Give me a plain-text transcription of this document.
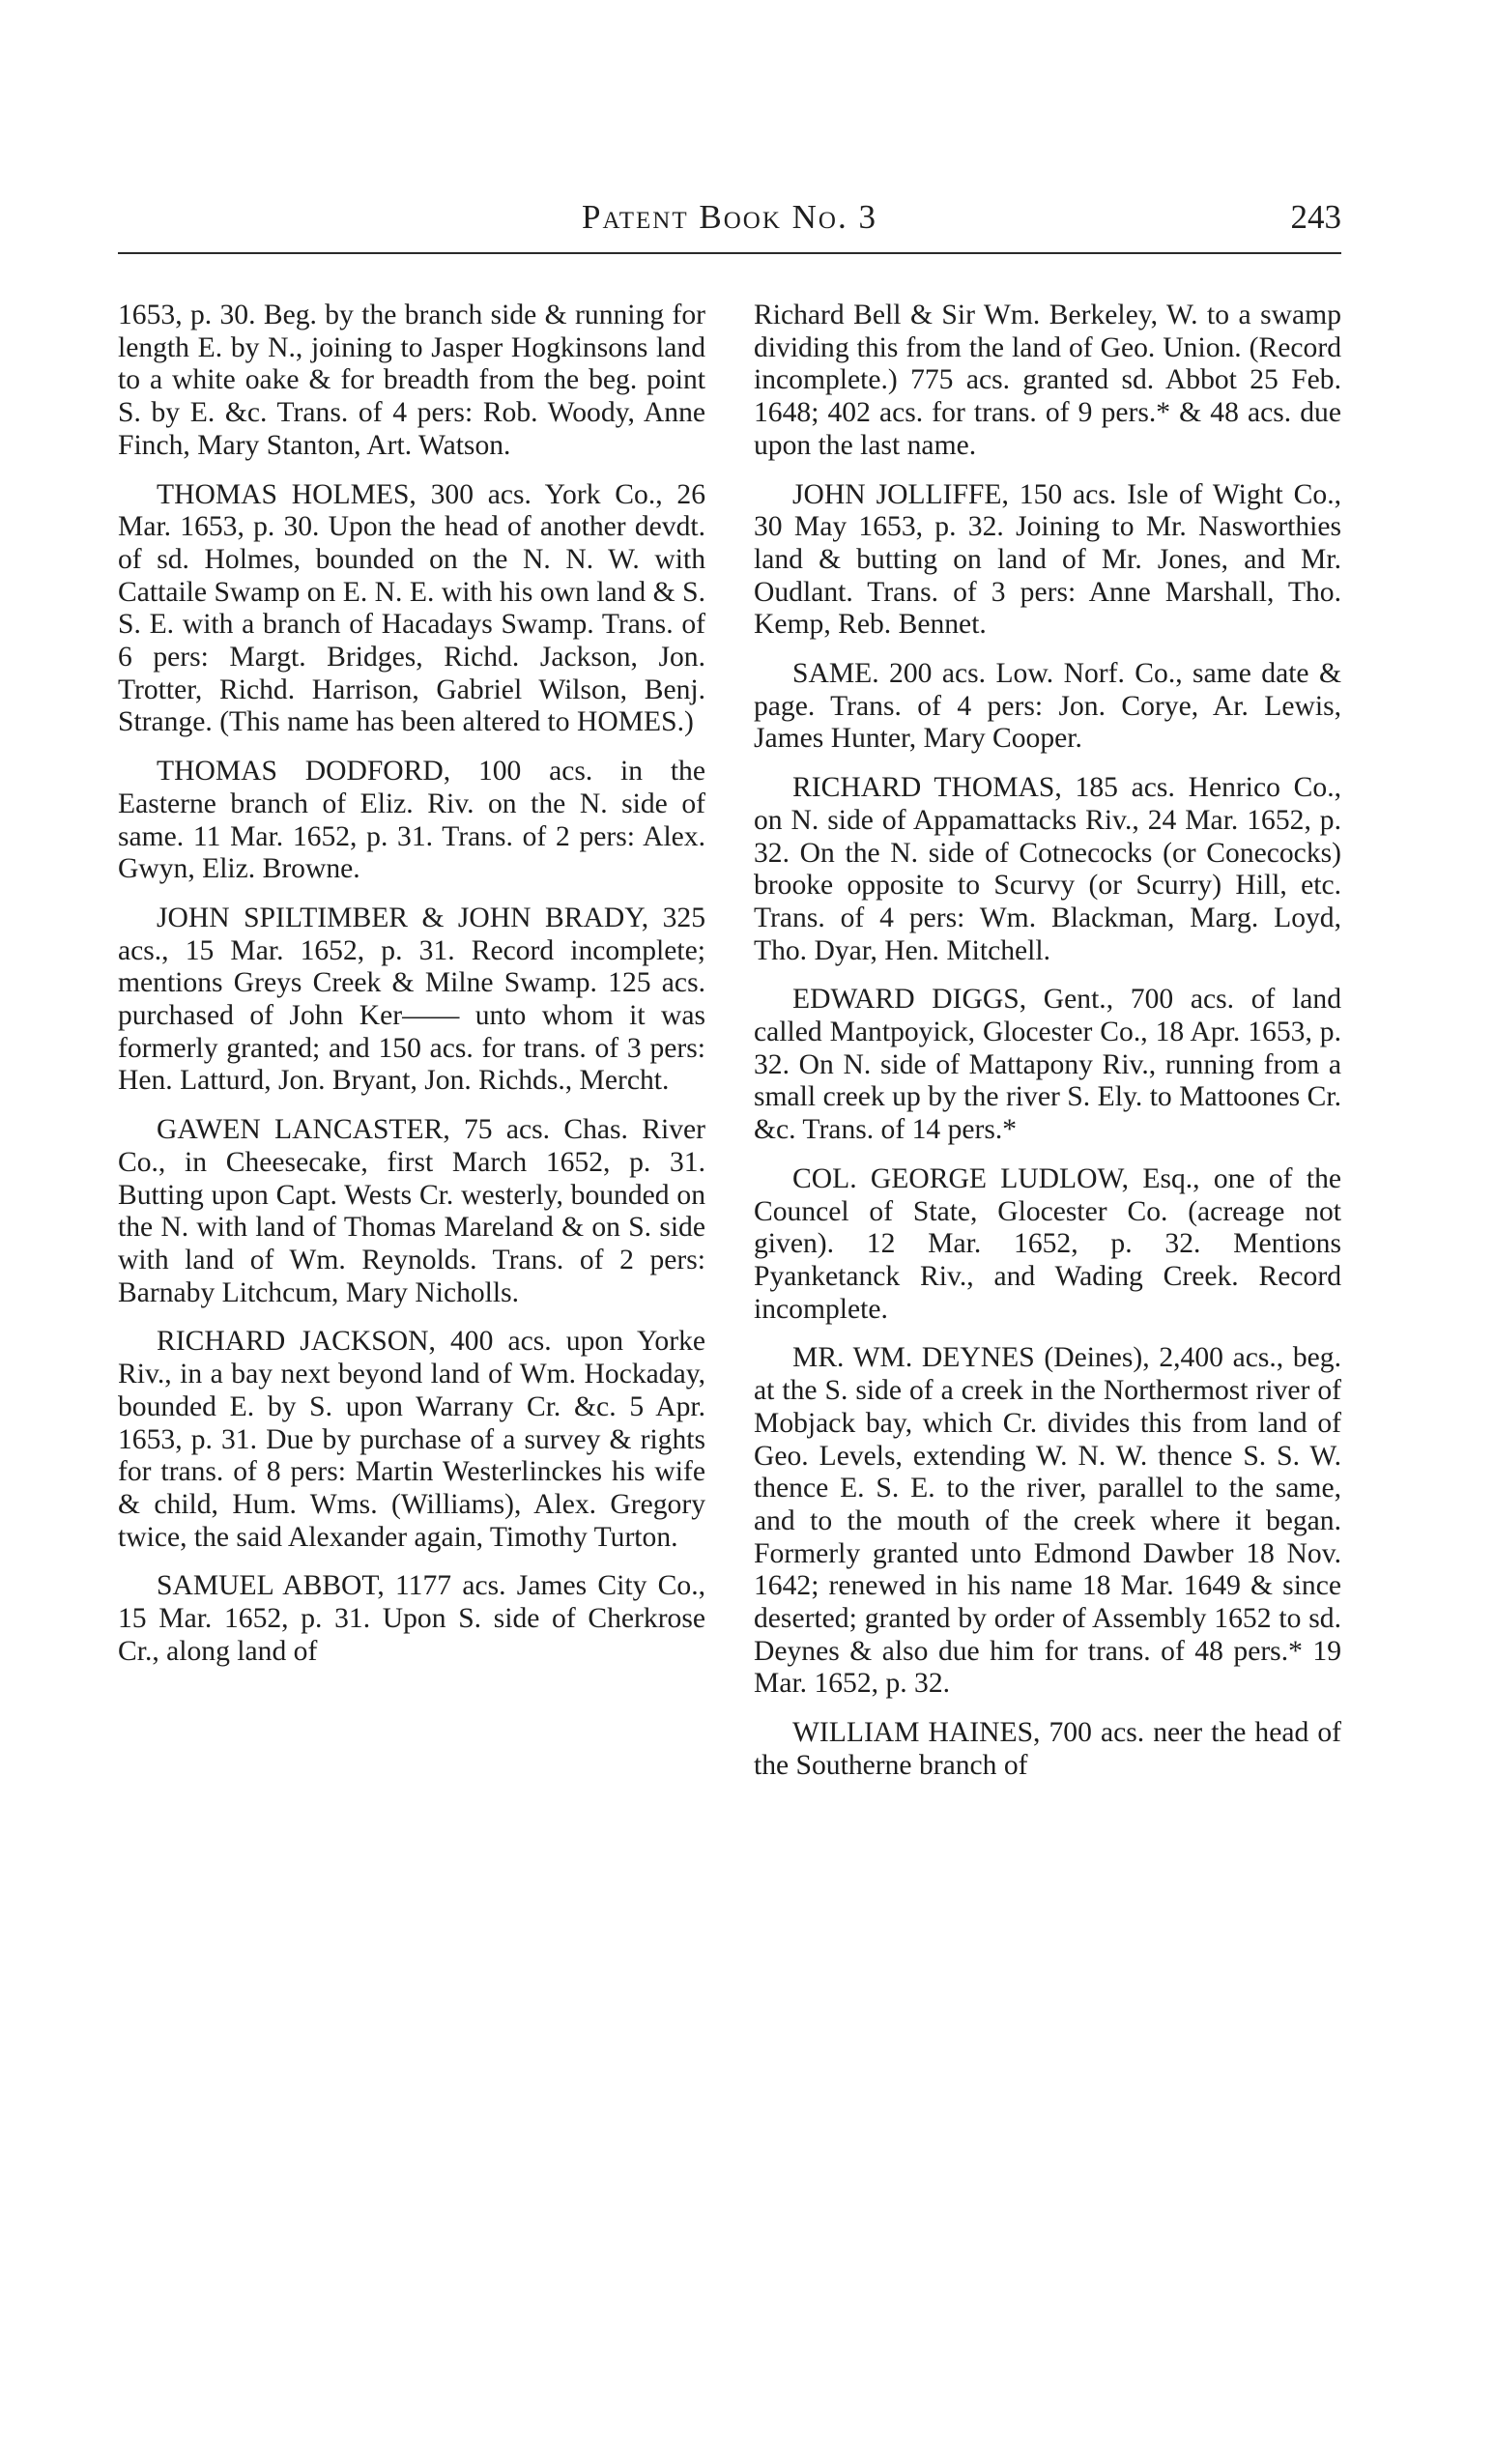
Patent Book No. 3	243

1653, p. 30. Beg. by the branch side & running for length E. by N., joining to Jasper Hogkinsons land to a white oake & for breadth from the beg. point S. by E. &c. Trans. of 4 pers: Rob. Woody, Anne Finch, Mary Stanton, Art. Watson.

THOMAS HOLMES, 300 acs. York Co., 26 Mar. 1653, p. 30. Upon the head of another devdt. of sd. Holmes, bounded on the N. N. W. with Cattaile Swamp on E. N. E. with his own land & S. S. E. with a branch of Hacadays Swamp. Trans. of 6 pers: Margt. Bridges, Richd. Jackson, Jon. Trotter, Richd. Harrison, Gabriel Wilson, Benj. Strange. (This name has been altered to HOMES.)

THOMAS DODFORD, 100 acs. in the Easterne branch of Eliz. Riv. on the N. side of same. 11 Mar. 1652, p. 31. Trans. of 2 pers: Alex. Gwyn, Eliz. Browne.

JOHN SPILTIMBER & JOHN BRADY, 325 acs., 15 Mar. 1652, p. 31. Record incomplete; mentions Greys Creek & Milne Swamp. 125 acs. purchased of John Ker—— unto whom it was formerly granted; and 150 acs. for trans. of 3 pers: Hen. Latturd, Jon. Bryant, Jon. Richds., Mercht.

GAWEN LANCASTER, 75 acs. Chas. River Co., in Cheesecake, first March 1652, p. 31. Butting upon Capt. Wests Cr. westerly, bounded on the N. with land of Thomas Mareland & on S. side with land of Wm. Reynolds. Trans. of 2 pers: Barnaby Litchcum, Mary Nicholls.

RICHARD JACKSON, 400 acs. upon Yorke Riv., in a bay next beyond land of Wm. Hockaday, bounded E. by S. upon Warrany Cr. &c. 5 Apr. 1653, p. 31. Due by purchase of a survey & rights for trans. of 8 pers: Martin Westerlinckes his wife & child, Hum. Wms. (Williams), Alex. Gregory twice, the said Alexander again, Timothy Turton.

SAMUEL ABBOT, 1177 acs. James City Co., 15 Mar. 1652, p. 31. Upon S. side of Cherkrose Cr., along land of

Richard Bell & Sir Wm. Berkeley, W. to a swamp dividing this from the land of Geo. Union. (Record incomplete.) 775 acs. granted sd. Abbot 25 Feb. 1648; 402 acs. for trans. of 9 pers.* & 48 acs. due upon the last name.

JOHN JOLLIFFE, 150 acs. Isle of Wight Co., 30 May 1653, p. 32. Joining to Mr. Nasworthies land & butting on land of Mr. Jones, and Mr. Oudlant. Trans. of 3 pers: Anne Marshall, Tho. Kemp, Reb. Bennet.

SAME. 200 acs. Low. Norf. Co., same date & page. Trans. of 4 pers: Jon. Corye, Ar. Lewis, James Hunter, Mary Cooper.

RICHARD THOMAS, 185 acs. Henrico Co., on N. side of Appamattacks Riv., 24 Mar. 1652, p. 32. On the N. side of Cotnecocks (or Conecocks) brooke opposite to Scurvy (or Scurry) Hill, etc. Trans. of 4 pers: Wm. Blackman, Marg. Loyd, Tho. Dyar, Hen. Mitchell.

EDWARD DIGGS, Gent., 700 acs. of land called Mantpoyick, Glocester Co., 18 Apr. 1653, p. 32. On N. side of Mattapony Riv., running from a small creek up by the river S. Ely. to Mattoones Cr. &c. Trans. of 14 pers.*

COL. GEORGE LUDLOW, Esq., one of the Councel of State, Glocester Co. (acreage not given). 12 Mar. 1652, p. 32. Mentions Pyanketanck Riv., and Wading Creek. Record incomplete.

MR. WM. DEYNES (Deines), 2,400 acs., beg. at the S. side of a creek in the Northermost river of Mobjack bay, which Cr. divides this from land of Geo. Levels, extending W. N. W. thence S. S. W. thence E. S. E. to the river, parallel to the same, and to the mouth of the creek where it began. Formerly granted unto Edmond Dawber 18 Nov. 1642; renewed in his name 18 Mar. 1649 & since deserted; granted by order of Assembly 1652 to sd. Deynes & also due him for trans. of 48 pers.* 19 Mar. 1652, p. 32.

WILLIAM HAINES, 700 acs. neer the head of the Southerne branch of
